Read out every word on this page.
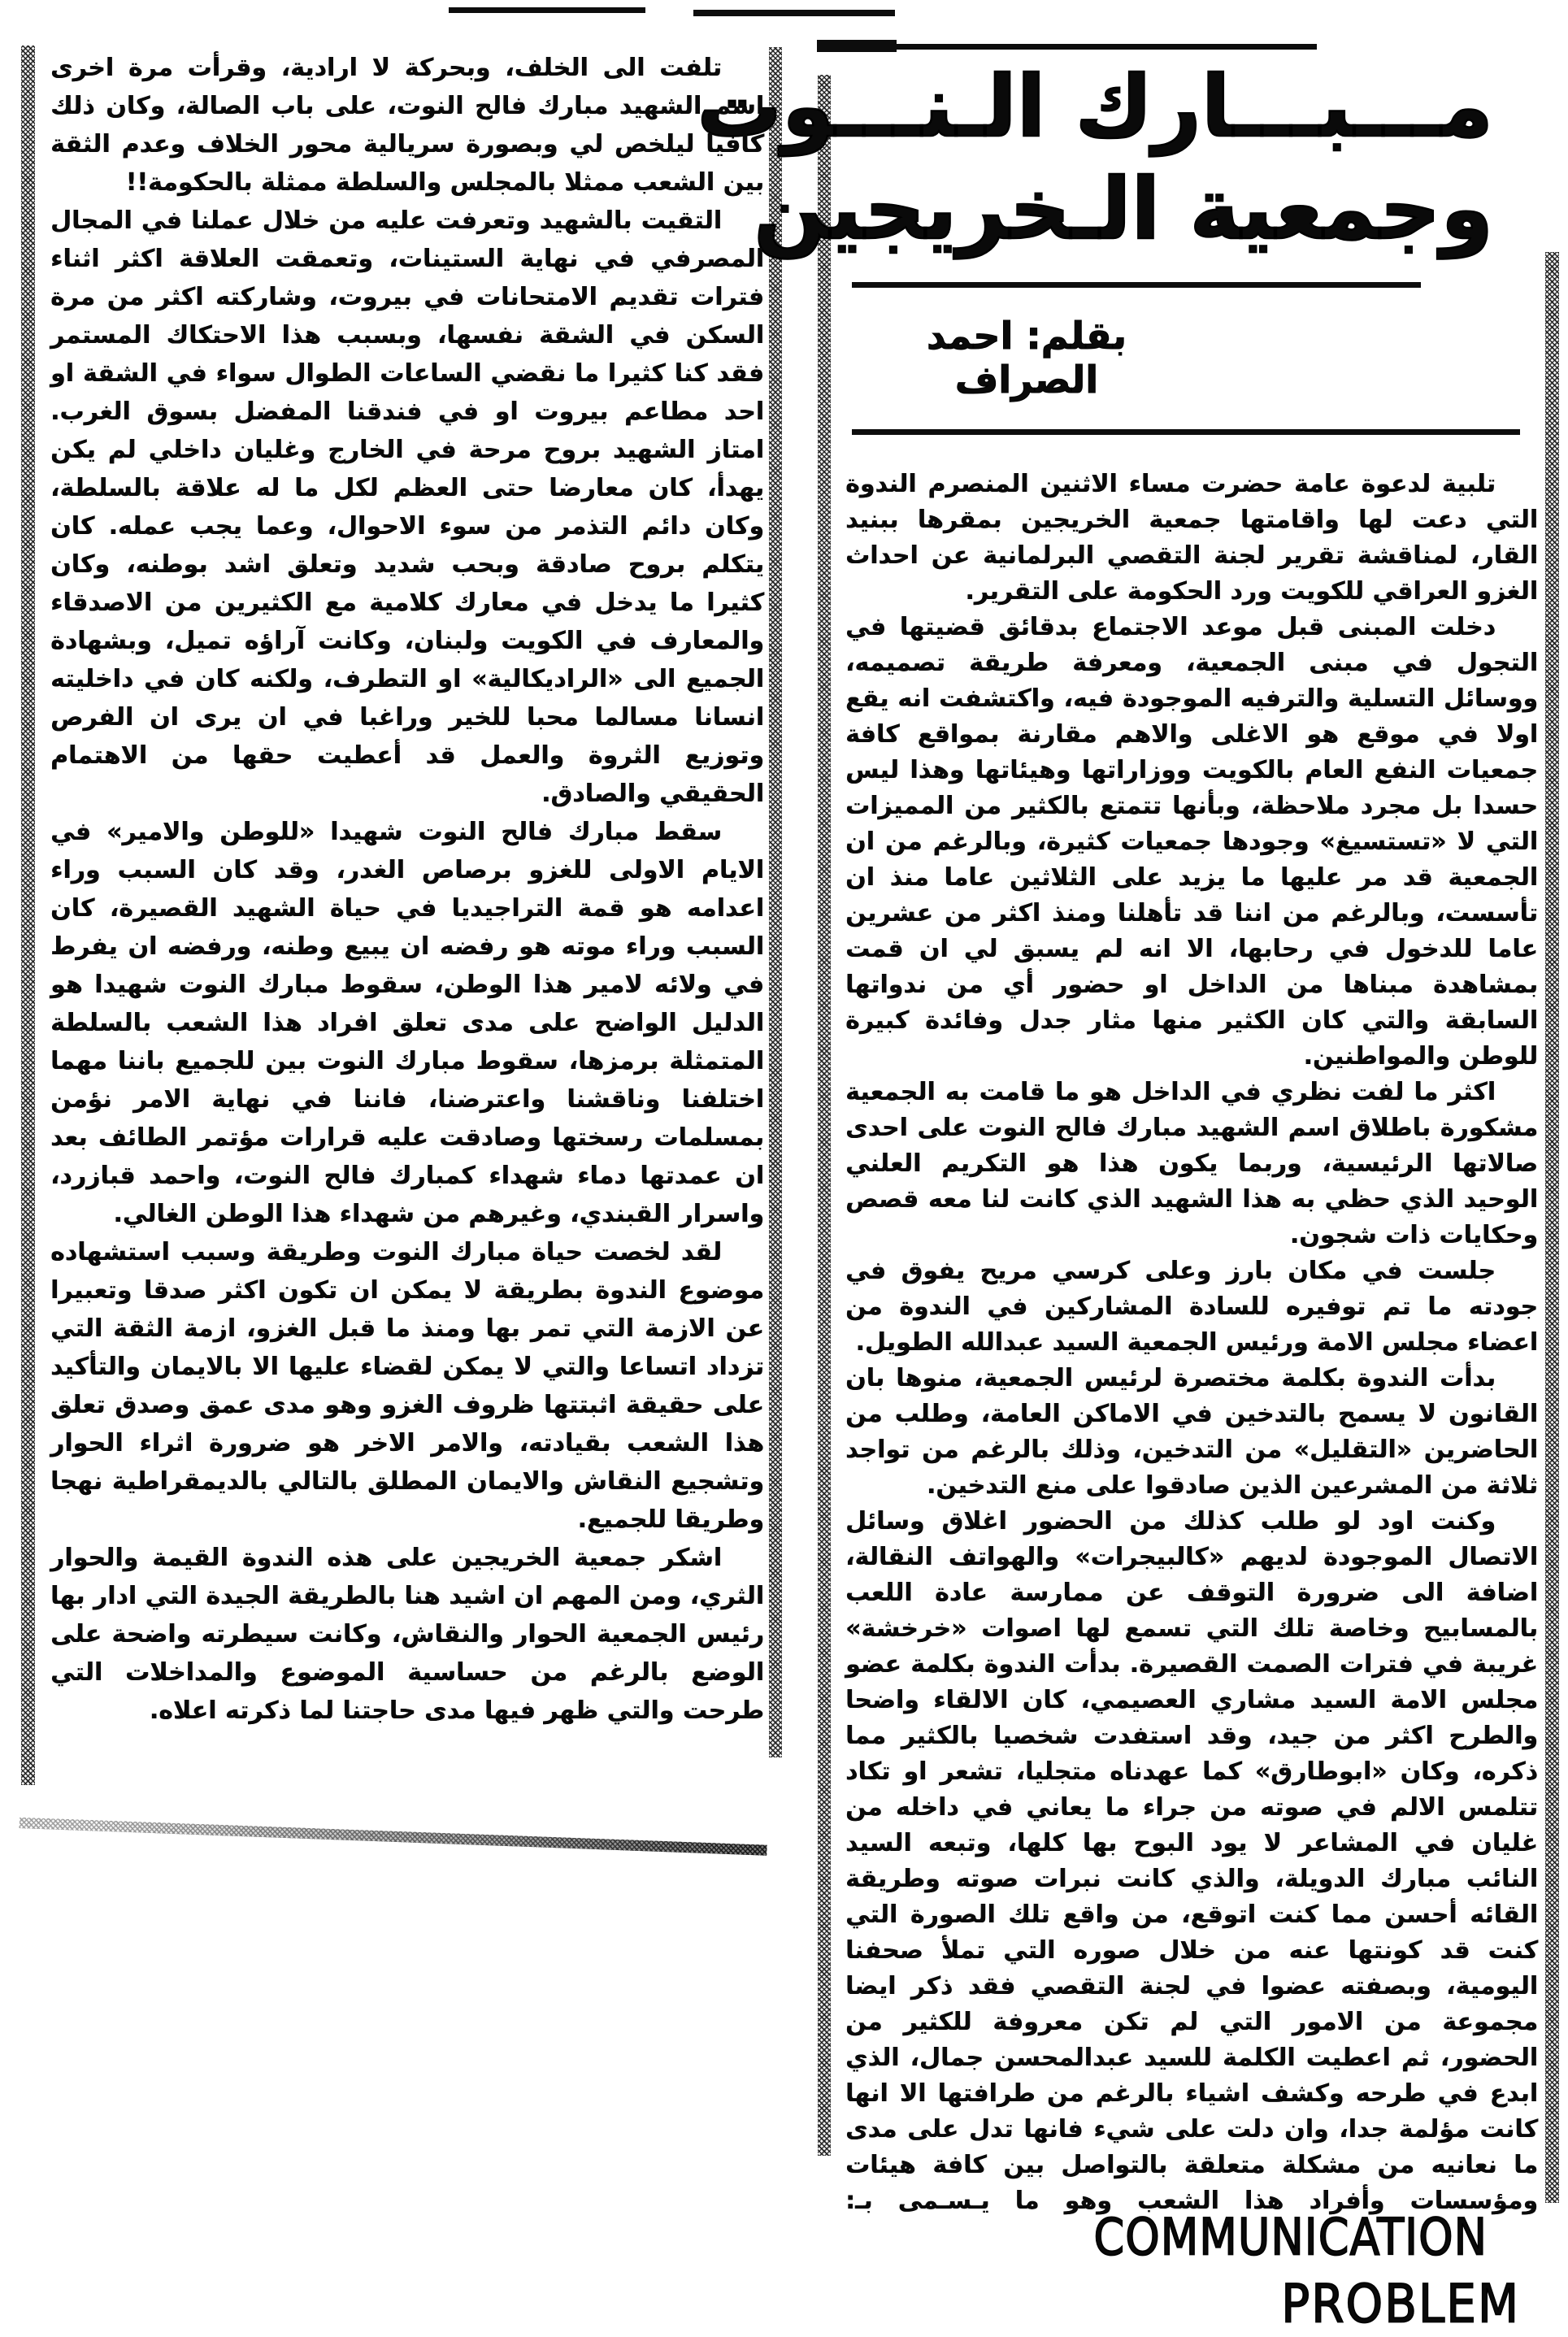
مـــبـــارك الـنـــوت
وجمعية الـخريجين
بقلم: احمد الصراف

تلبية لدعوة عامة حضرت مساء الاثنين المنصرم الندوة التي دعت لها واقامتها جمعية الخريجين بمقرها ببنيد القار، لمناقشة تقرير لجنة التقصي البرلمانية عن احداث الغزو العراقي للكويت ورد الحكومة على التقرير.

دخلت المبنى قبل موعد الاجتماع بدقائق قضيتها في التجول في مبنى الجمعية، ومعرفة طريقة تصميمه، ووسائل التسلية والترفيه الموجودة فيه، واكتشفت انه يقع اولا في موقع هو الاغلى والاهم مقارنة بمواقع كافة جمعيات النفع العام بالكويت ووزاراتها وهيئاتها وهذا ليس حسدا بل مجرد ملاحظة، وبأنها تتمتع بالكثير من المميزات التي لا «تستسيغ» وجودها جمعيات كثيرة، وبالرغم من ان الجمعية قد مر عليها ما يزيد على الثلاثين عاما منذ ان تأسست، وبالرغم من اننا قد تأهلنا ومنذ اكثر من عشرين عاما للدخول في رحابها، الا انه لم يسبق لي ان قمت بمشاهدة مبناها من الداخل او حضور أي من ندواتها السابقة والتي كان الكثير منها مثار جدل وفائدة كبيرة للوطن والمواطنين.

اكثر ما لفت نظري في الداخل هو ما قامت به الجمعية مشكورة باطلاق اسم الشهيد مبارك فالح النوت على احدى صالاتها الرئيسية، وربما يكون هذا هو التكريم العلني الوحيد الذي حظي به هذا الشهيد الذي كانت لنا معه قصص وحكايات ذات شجون.

جلست في مكان بارز وعلى كرسي مريح يفوق في جودته ما تم توفيره للسادة المشاركين في الندوة من اعضاء مجلس الامة ورئيس الجمعية السيد عبدالله الطويل.

بدأت الندوة بكلمة مختصرة لرئيس الجمعية، منوها بان القانون لا يسمح بالتدخين في الاماكن العامة، وطلب من الحاضرين «التقليل» من التدخين، وذلك بالرغم من تواجد ثلاثة من المشرعين الذين صادقوا على منع التدخين.

وكنت اود لو طلب كذلك من الحضور اغلاق وسائل الاتصال الموجودة لديهم «كالبيجرات» والهواتف النقالة، اضافة الى ضرورة التوقف عن ممارسة عادة اللعب بالمسابيح وخاصة تلك التي تسمع لها اصوات «خرخشة» غريبة في فترات الصمت القصيرة. بدأت الندوة بكلمة عضو مجلس الامة السيد مشاري العصيمي، كان الالقاء واضحا والطرح اكثر من جيد، وقد استفدت شخصيا بالكثير مما ذكره، وكان «ابوطارق» كما عهدناه متجليا، تشعر او تكاد تتلمس الالم في صوته من جراء ما يعاني في داخله من غليان في المشاعر لا يود البوح بها كلها، وتبعه السيد النائب مبارك الدويلة، والذي كانت نبرات صوته وطريقة القائه أحسن مما كنت اتوقع، من واقع تلك الصورة التي كنت قد كونتها عنه من خلال صوره التي تملأ صحفنا اليومية، وبصفته عضوا في لجنة التقصي فقد ذكر ايضا مجموعة من الامور التي لم تكن معروفة للكثير من الحضور، ثم اعطيت الكلمة للسيد عبدالمحسن جمال، الذي ابدع في طرحه وكشف اشياء بالرغم من طرافتها الا انها كانت مؤلمة جدا، وان دلت على شيء فانها تدل على مدى ما نعانيه من مشكلة متعلقة بالتواصل بين كافة هيئات ومؤسسات وأفراد هذا الشعب وهو ما يـسـمى بـ:COMMUNICATION

PROBLEM

تلفت الى الخلف، وبحركة لا ارادية، وقرأت مرة اخرى اسم الشهيد مبارك فالح النوت، على باب الصالة، وكان ذلك كافيا ليلخص لي وبصورة سريالية محور الخلاف وعدم الثقة بين الشعب ممثلا بالمجلس والسلطة ممثلة بالحكومة!!

التقيت بالشهيد وتعرفت عليه من خلال عملنا في المجال المصرفي في نهاية الستينات، وتعمقت العلاقة اكثر اثناء فترات تقديم الامتحانات في بيروت، وشاركته اكثر من مرة السكن في الشقة نفسها، وبسبب هذا الاحتكاك المستمر فقد كنا كثيرا ما نقضي الساعات الطوال سواء في الشقة او احد مطاعم بيروت او في فندقنا المفضل بسوق الغرب. امتاز الشهيد بروح مرحة في الخارج وغليان داخلي لم يكن يهدأ، كان معارضا حتى العظم لكل ما له علاقة بالسلطة، وكان دائم التذمر من سوء الاحوال، وعما يجب عمله. كان يتكلم بروح صادقة وبحب شديد وتعلق اشد بوطنه، وكان كثيرا ما يدخل في معارك كلامية مع الكثيرين من الاصدقاء والمعارف في الكويت ولبنان، وكانت آراؤه تميل، وبشهادة الجميع الى «الراديكالية» او التطرف، ولكنه كان في داخليته انسانا مسالما محبا للخير وراغبا في ان يرى ان الفرص وتوزيع الثروة والعمل قد أعطيت حقها من الاهتمام الحقيقي والصادق.

سقط مبارك فالح النوت شهيدا «للوطن والامير» في الايام الاولى للغزو برصاص الغدر، وقد كان السبب وراء اعدامه هو قمة التراجيديا في حياة الشهيد القصيرة، كان السبب وراء موته هو رفضه ان يبيع وطنه، ورفضه ان يفرط في ولائه لامير هذا الوطن، سقوط مبارك النوت شهيدا هو الدليل الواضح على مدى تعلق افراد هذا الشعب بالسلطة المتمثلة برمزها، سقوط مبارك النوت بين للجميع باننا مهما اختلفنا وناقشنا واعترضنا، فاننا في نهاية الامر نؤمن بمسلمات رسختها وصادقت عليه قرارات مؤتمر الطائف بعد ان عمدتها دماء شهداء كمبارك فالح النوت، واحمد قبازرد، واسرار القبندي، وغيرهم من شهداء هذا الوطن الغالي.

لقد لخصت حياة مبارك النوت وطريقة وسبب استشهاده موضوع الندوة بطريقة لا يمكن ان تكون اكثر صدقا وتعبيرا عن الازمة التي تمر بها ومنذ ما قبل الغزو، ازمة الثقة التي تزداد اتساعا والتي لا يمكن لقضاء عليها الا بالايمان والتأكيد على حقيقة اثبتتها ظروف الغزو وهو مدى عمق وصدق تعلق هذا الشعب بقيادته، والامر الاخر هو ضرورة اثراء الحوار وتشجيع النقاش والايمان المطلق بالتالي بالديمقراطية نهجا وطريقا للجميع.

اشكر جمعية الخريجين على هذه الندوة القيمة والحوار الثري، ومن المهم ان اشيد هنا بالطريقة الجيدة التي ادار بها رئيس الجمعية الحوار والنقاش، وكانت سيطرته واضحة على الوضع بالرغم من حساسية الموضوع والمداخلات التي طرحت والتي ظهر فيها مدى حاجتنا لما ذكرته اعلاه.
